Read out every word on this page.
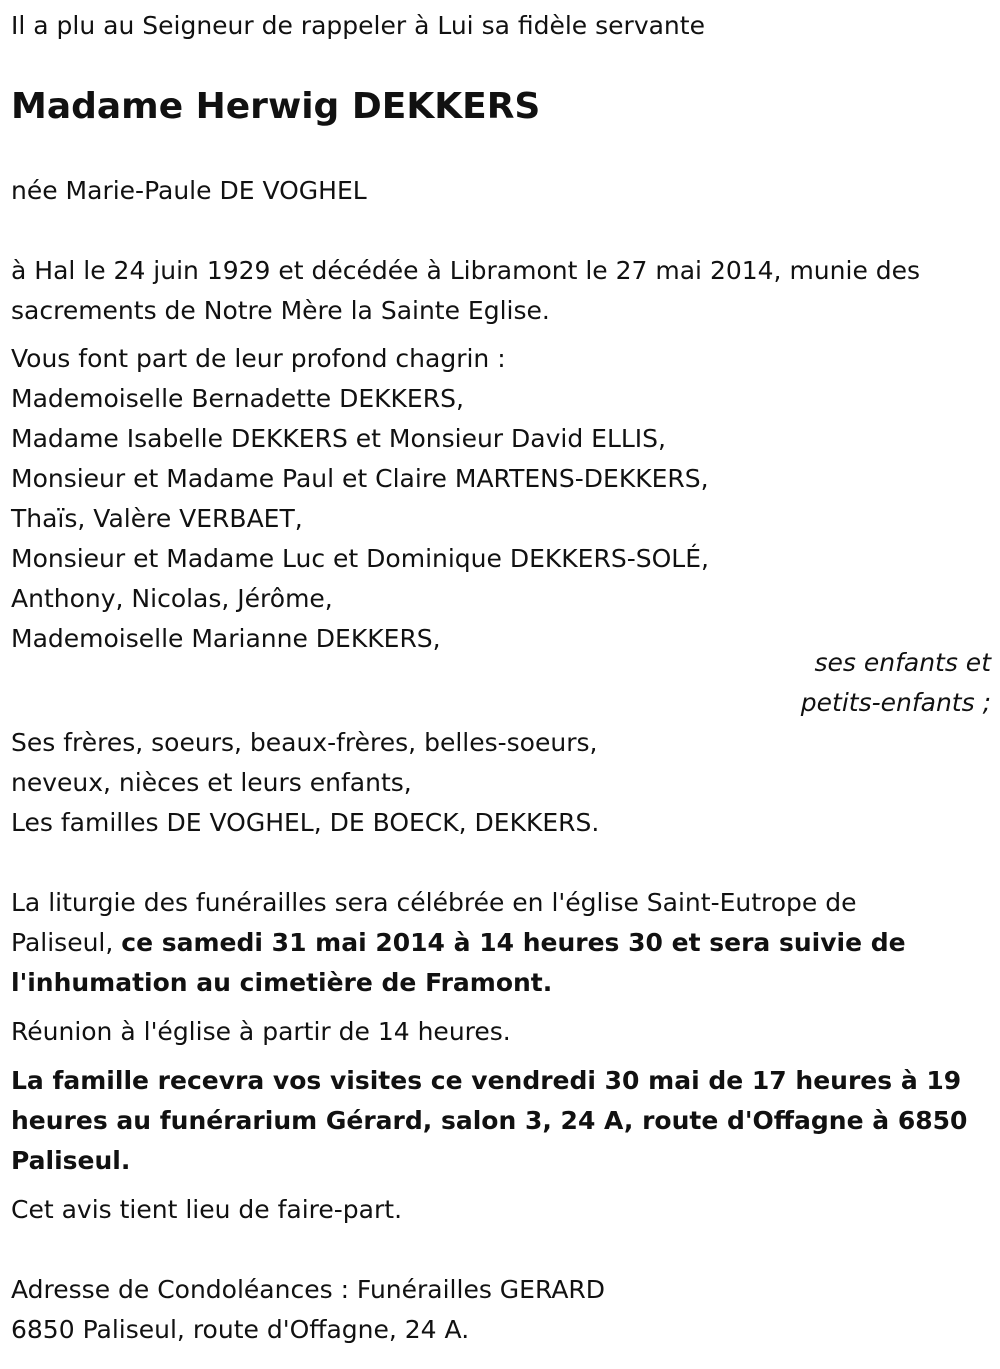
Il a plu au Seigneur de rappeler à Lui sa fidèle servante
Madame Herwig DEKKERS
née Marie-Paule DE VOGHEL
à Hal le 24 juin 1929 et décédée à Libramont le 27 mai 2014, munie des
sacrements de Notre Mère la Sainte Eglise.
Vous font part de leur profond chagrin :
Mademoiselle Bernadette DEKKERS,
Madame Isabelle DEKKERS et Monsieur David ELLIS,
Monsieur et Madame Paul et Claire MARTENS-DEKKERS,
Thaïs, Valère VERBAET,
Monsieur et Madame Luc et Dominique DEKKERS-SOLÉ,
Anthony, Nicolas, Jérôme,
Mademoiselle Marianne DEKKERS,
ses enfants et
petits-enfants ;
Ses frères, soeurs, beaux-frères, belles-soeurs,
neveux, nièces et leurs enfants,
Les familles DE VOGHEL, DE BOECK, DEKKERS.
La liturgie des funérailles sera célébrée en l'église Saint-Eutrope de
Paliseul, ce samedi 31 mai 2014 à 14 heures 30 et sera suivie de
l'inhumation au cimetière de Framont.
Réunion à l'église à partir de 14 heures.
La famille recevra vos visites ce vendredi 30 mai de 17 heures à 19
heures au funérarium Gérard, salon 3, 24 A, route d'Offagne à 6850
Paliseul.
Cet avis tient lieu de faire-part.
Adresse de Condoléances : Funérailles GERARD
6850 Paliseul, route d'Offagne, 24 A.
